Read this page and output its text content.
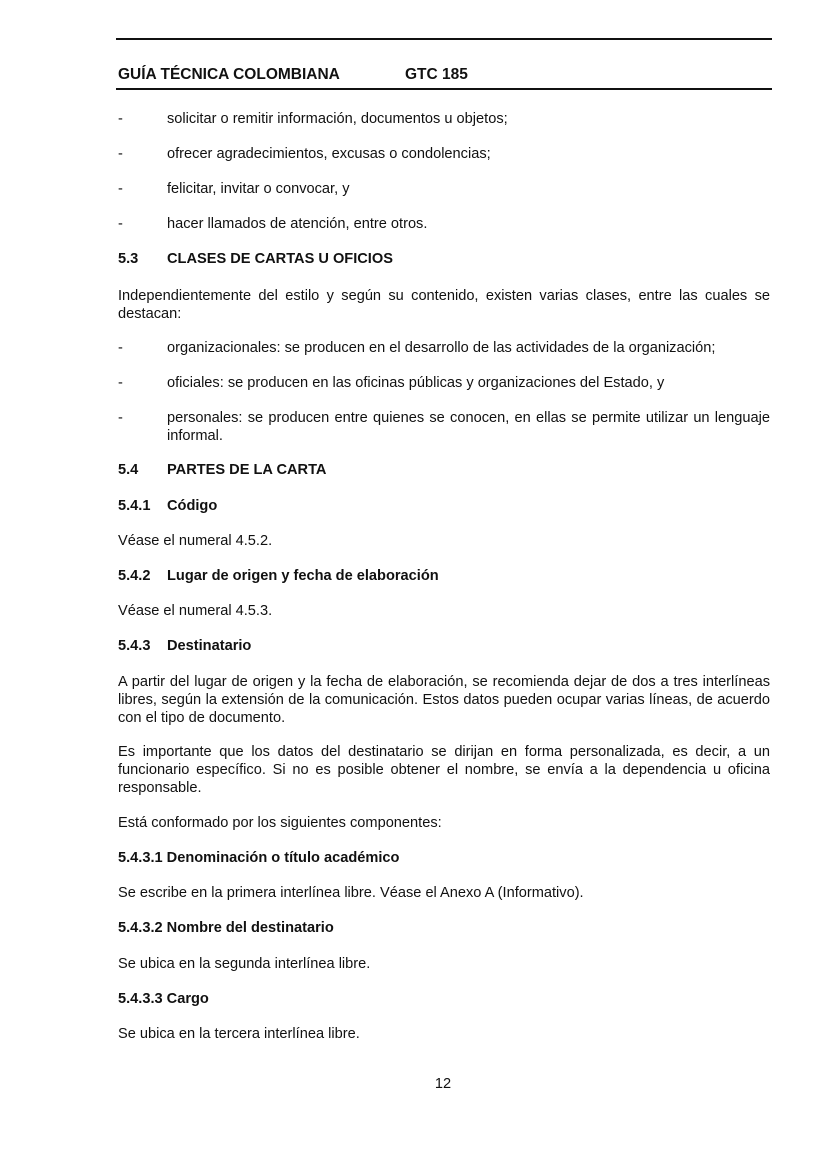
GUÍA TÉCNICA COLOMBIANA	GTC 185
-	solicitar o remitir información, documentos u objetos;
-	ofrecer agradecimientos, excusas o condolencias;
-	felicitar, invitar o convocar, y
-	hacer llamados de atención, entre otros.
5.3 CLASES DE CARTAS U OFICIOS
Independientemente del estilo y según su contenido, existen varias clases, entre las cuales se destacan:
-	organizacionales: se producen en el desarrollo de las actividades de la organización;
-	oficiales: se producen en las oficinas públicas y organizaciones del Estado, y
-	personales: se producen entre quienes se conocen, en ellas se permite utilizar un lenguaje informal.
5.4 PARTES DE LA CARTA
5.4.1 Código
Véase el numeral 4.5.2.
5.4.2 Lugar de origen y fecha de elaboración
Véase el numeral 4.5.3.
5.4.3 Destinatario
A partir del lugar de origen y la fecha de elaboración, se recomienda dejar de dos a tres interlíneas libres, según la extensión de la comunicación. Estos datos pueden ocupar varias líneas, de acuerdo con el tipo de documento.
Es importante que los datos del destinatario se dirijan en forma personalizada, es decir, a un funcionario específico. Si no es posible obtener el nombre, se envía a la dependencia u oficina responsable.
Está conformado por los siguientes componentes:
5.4.3.1 Denominación o título académico
Se escribe en la primera interlínea libre. Véase el Anexo A (Informativo).
5.4.3.2 Nombre del destinatario
Se ubica en la segunda interlínea libre.
5.4.3.3 Cargo
Se ubica en la tercera interlínea libre.
12
